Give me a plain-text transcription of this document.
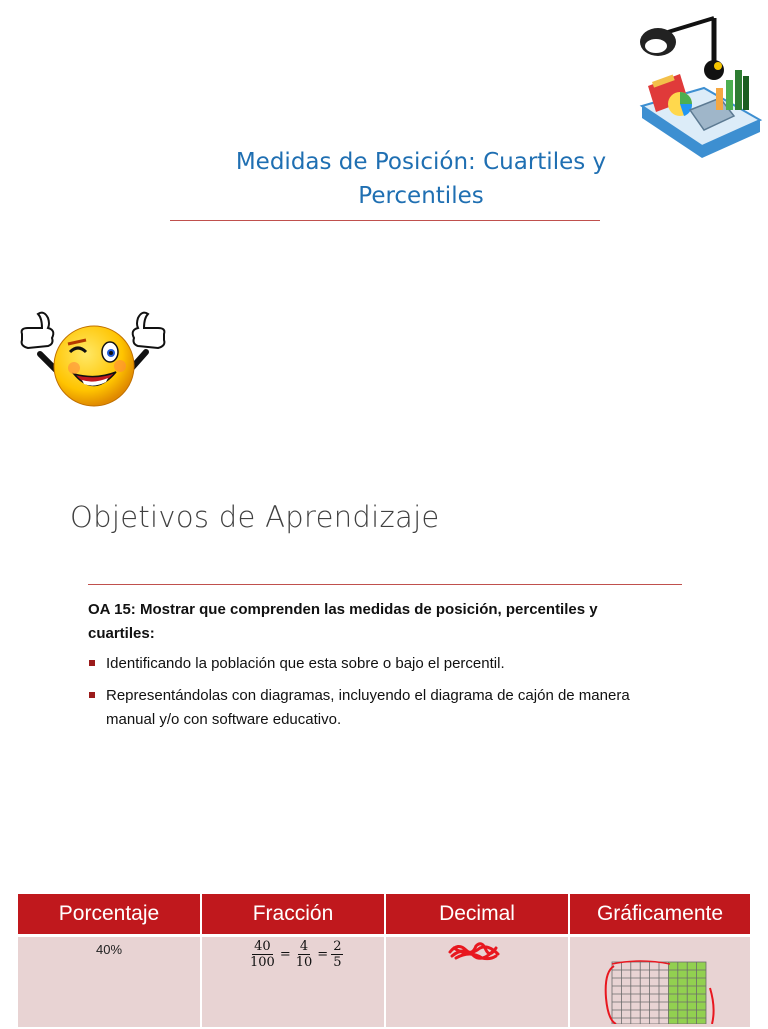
Medidas de Posición: Cuartiles y
Percentiles
Objetivos de Aprendizaje
OA 15: Mostrar que comprenden las medidas de posición, percentiles y cuartiles:
Identificando la población que esta sobre o bajo el percentil.
Representándolas con diagramas, incluyendo el diagrama de cajón de manera manual y/o con software educativo.
Porcentaje	Fracción	Decimal	Gráficamente
40%	$\frac{40}{100} = \frac{4}{10} = \frac{2}{5}$
